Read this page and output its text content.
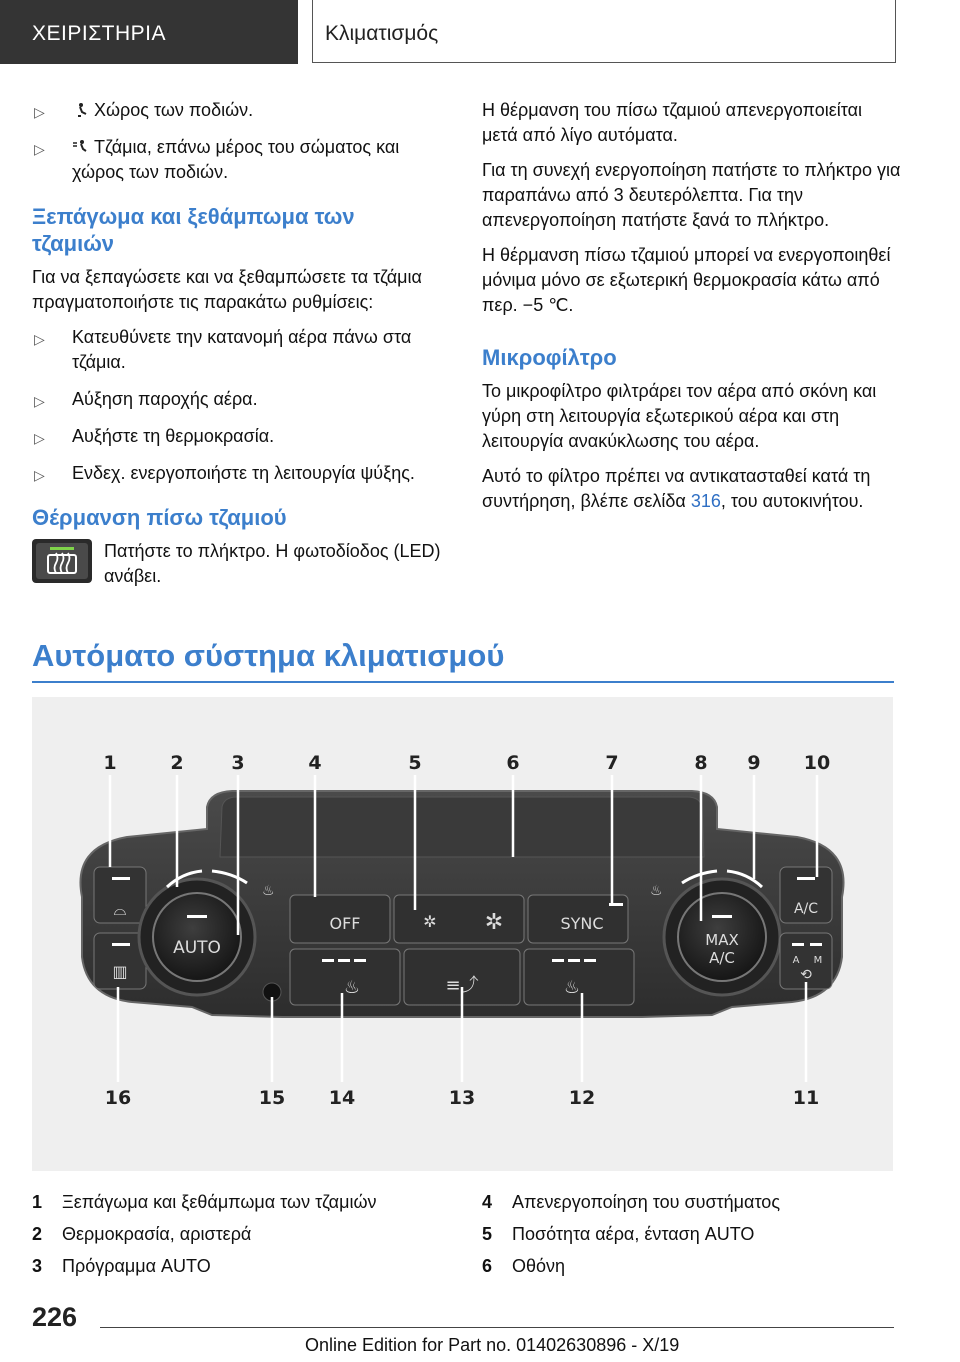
ΧΕΙΡΙΣΤΗΡΙΑ	Κλιματισμός
▷	Χώρος των ποδιών.
▷	Τζάμια, επάνω μέρος του σώματος και χώρος των ποδιών.
Ξεπάγωμα και ξεθάμπωμα των τζαμιών

Για να ξεπαγώσετε και να ξεθαμπώσετε τα τζάμια πραγματοποιήστε τις παρακάτω ρυθμίσεις:

▷ Κατευθύνετε την κατανομή αέρα πάνω στα τζάμια.
▷ Αύξηση παροχής αέρα.
▷ Αυξήστε τη θερμοκρασία.
▷ Ενδεχ. ενεργοποιήστε τη λειτουργία ψύξης.
Θέρμανση πίσω τζαμιού
Πατήστε το πλήκτρο. Η φωτοδίοδος (LED) ανάβει.

Η θέρμανση του πίσω τζαμιού απενεργοποιείται μετά από λίγο αυτόματα.

Για τη συνεχή ενεργοποίηση πατήστε το πλήκτρο για παραπάνω από 3 δευτερόλεπτα. Για την απενεργοποίηση πατήστε ξανά το πλήκτρο.

Η θέρμανση πίσω τζαμιού μπορεί να ενεργοποιηθεί μόνιμα μόνο σε εξωτερική θερμοκρασία κάτω από περ. −5 ℃.

Μικροφίλτρο

Το μικροφίλτρο φιλτράρει τον αέρα από σκόνη και γύρη στη λειτουργία εξωτερικού αέρα και στη λειτουργία ανακύκλωσης του αέρα.

Αυτό το φίλτρο πρέπει να αντικατασταθεί κατά τη συντήρηση, βλέπε σελίδα 316, του αυτοκινήτου.

Αυτόματο σύστημα κλιματισμού
⌓
▥
AUTO
♨
OFF	✲ ✲	SYNC
♨	≡⤴	♨
♨
MAX
A/C
A/C
A M
⟲
1	2	3	4	5	6	7	8 9 10
16	15 14	13	12	11
1 Ξεπάγωμα και ξεθάμπωμα των τζαμιών
2 Θερμοκρασία, αριστερά
3 Πρόγραμμα AUTO
4 Απενεργοποίηση του συστήματος
5 Ποσότητα αέρα, ένταση AUTO
6 Οθόνη
226
Online Edition for Part no. 01402630896 - X/19
